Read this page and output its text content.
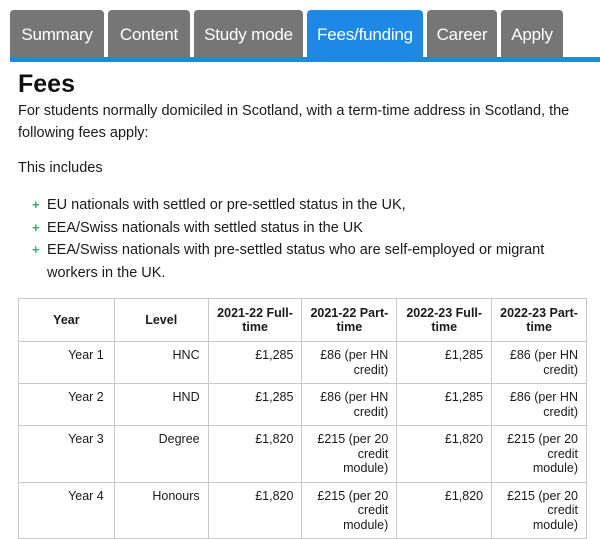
Summary	Content	Study mode	Fees/funding	Career	Apply
Fees

For students normally domiciled in Scotland, with a term-time address in Scotland, the following fees apply:

This includes

+ EU nationals with settled or pre-settled status in the UK,
+ EEA/Swiss nationals with settled status in the UK
+ EEA/Swiss nationals with pre-settled status who are self-employed or migrant workers in the UK.
Year	Level	2021-22 Full-time	2021-22 Part-time	2022-23 Full-time	2022-23 Part-time
Year 1	HNC	£1,285	£86 (per HN credit)	£1,285	£86 (per HN credit)
Year 2	HND	£1,285	£86 (per HN credit)	£1,285	£86 (per HN credit)
Year 3	Degree	£1,820	£215 (per 20 credit module)	£1,820	£215 (per 20 credit module)
Year 4	Honours	£1,820	£215 (per 20 credit module)	£1,820	£215 (per 20 credit module)
